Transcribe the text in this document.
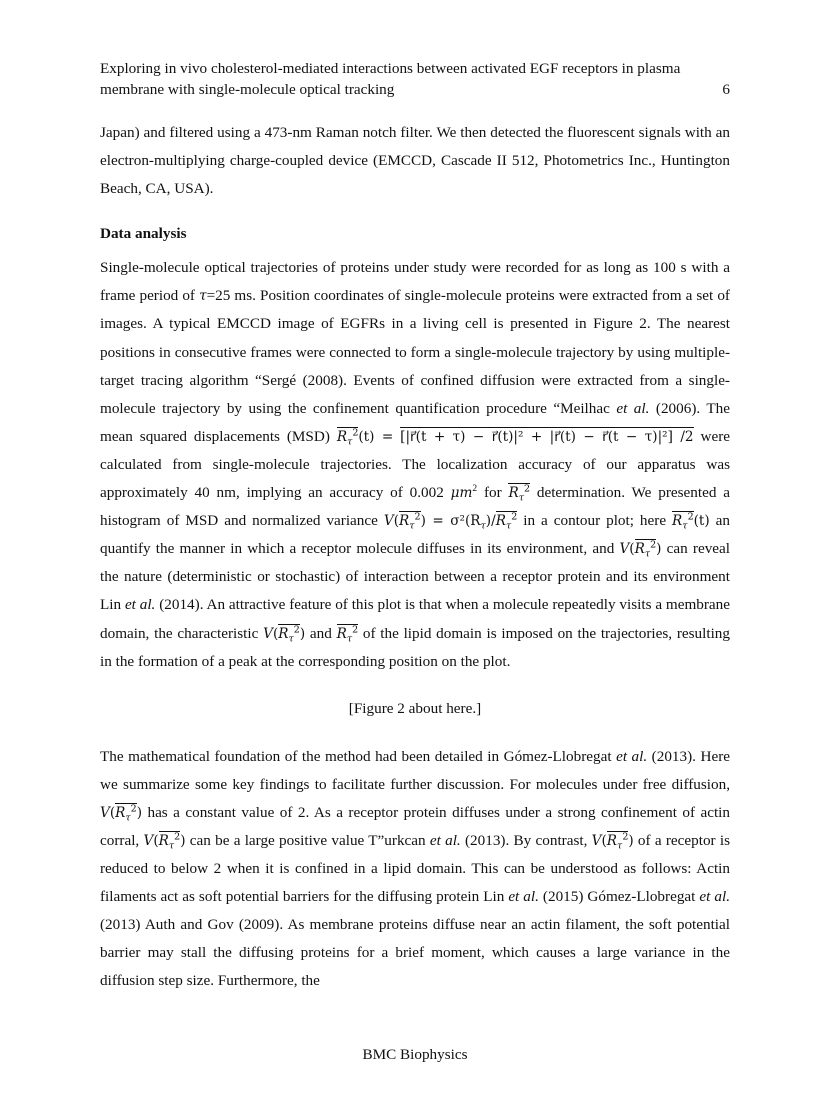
Exploring in vivo cholesterol-mediated interactions between activated EGF receptors in plasma membrane with single-molecule optical tracking	6

Japan) and filtered using a 473-nm Raman notch filter. We then detected the fluorescent signals with an electron-multiplying charge-coupled device (EMCCD, Cascade II 512, Photometrics Inc., Huntington Beach, CA, USA).

Data analysis

Single-molecule optical trajectories of proteins under study were recorded for as long as 100 s with a frame period of τ=25 ms. Position coordinates of single-molecule proteins were extracted from a set of images. A typical EMCCD image of EGFRs in a living cell is presented in Figure 2. The nearest positions in consecutive frames were connected to form a single-molecule trajectory by using multiple-target tracing algorithm “Sergé (2008). Events of confined diffusion were extracted from a single-molecule trajectory by using the confinement quantification procedure “Meilhac et al. (2006). The mean squared displacements (MSD) $R_\tau^2(t)$ = [|r⃗(t + τ) − r⃗(t)|² + |r⃗(t) − r⃗(t − τ)|²] /2 were calculated from single-molecule trajectories. The localization accuracy of our apparatus was approximately 40 nm, implying an accuracy of 0.002 $\mu m^2$ for $R_\tau^2$ determination. We presented a histogram of MSD and normalized variance $V(R_\tau^2) = \sigma^2(R_\tau)/R_\tau^2$ in a contour plot; here $R_\tau^2(t)$ an quantify the manner in which a receptor molecule diffuses in its environment, and $V(R_\tau^2)$ can reveal the nature (deterministic or stochastic) of interaction between a receptor protein and its environment Lin et al. (2014). An attractive feature of this plot is that when a molecule repeatedly visits a membrane domain, the characteristic $V(R_\tau^2)$ and $R_\tau^2$ of the lipid domain is imposed on the trajectories, resulting in the formation of a peak at the corresponding position on the plot.

[Figure 2 about here.]

The mathematical foundation of the method had been detailed in Gómez-Llobregat et al. (2013). Here we summarize some key findings to facilitate further discussion. For molecules under free diffusion, $V(R_\tau^2)$ has a constant value of 2. As a receptor protein diffuses under a strong confinement of actin corral, $V(R_\tau^2)$ can be a large positive value T”urkcan et al. (2013). By contrast, $V(R_\tau^2)$ of a receptor is reduced to below 2 when it is confined in a lipid domain. This can be understood as follows: Actin filaments act as soft potential barriers for the diffusing protein Lin et al. (2015) Gómez-Llobregat et al. (2013) Auth and Gov (2009). As membrane proteins diffuse near an actin filament, the soft potential barrier may stall the diffusing proteins for a brief moment, which causes a large variance in the diffusion step size. Furthermore, the

BMC Biophysics
